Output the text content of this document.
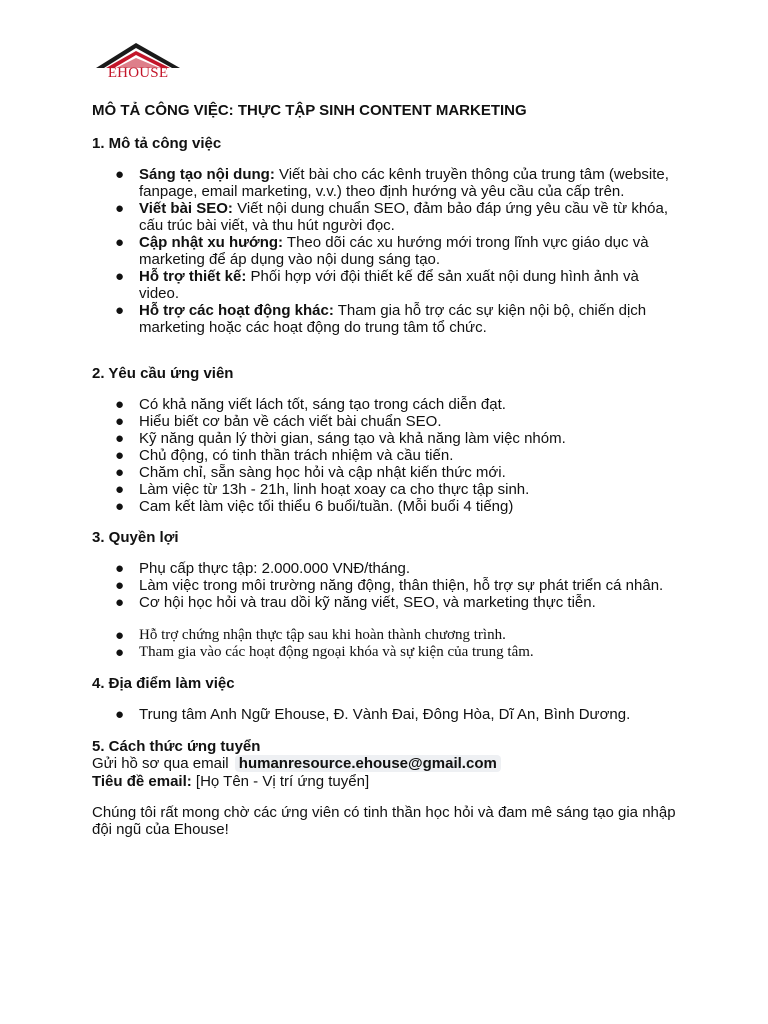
EHOUSE
MÔ TẢ CÔNG VIỆC: THỰC TẬP SINH CONTENT MARKETING
1. Mô tả công việc
● Sáng tạo nội dung: Viết bài cho các kênh truyền thông của trung tâm (website, fanpage, email marketing, v.v.) theo định hướng và yêu cầu của cấp trên.
● Viết bài SEO: Viết nội dung chuẩn SEO, đảm bảo đáp ứng yêu cầu về từ khóa, cấu trúc bài viết, và thu hút người đọc.
● Cập nhật xu hướng: Theo dõi các xu hướng mới trong lĩnh vực giáo dục và marketing để áp dụng vào nội dung sáng tạo.
● Hỗ trợ thiết kế: Phối hợp với đội thiết kế để sản xuất nội dung hình ảnh và video.
● Hỗ trợ các hoạt động khác: Tham gia hỗ trợ các sự kiện nội bộ, chiến dịch marketing hoặc các hoạt động do trung tâm tổ chức.
2. Yêu cầu ứng viên
● Có khả năng viết lách tốt, sáng tạo trong cách diễn đạt.
● Hiểu biết cơ bản về cách viết bài chuẩn SEO.
● Kỹ năng quản lý thời gian, sáng tạo và khả năng làm việc nhóm.
● Chủ động, có tinh thần trách nhiệm và cầu tiến.
● Chăm chỉ, sẵn sàng học hỏi và cập nhật kiến thức mới.
● Làm việc từ 13h - 21h, linh hoạt xoay ca cho thực tập sinh.
● Cam kết làm việc tối thiểu 6 buổi/tuần. (Mỗi buổi 4 tiếng)
3. Quyền lợi
● Phụ cấp thực tập: 2.000.000 VNĐ/tháng.
● Làm việc trong môi trường năng động, thân thiện, hỗ trợ sự phát triển cá nhân.
● Cơ hội học hỏi và trau dồi kỹ năng viết, SEO, và marketing thực tiễn.
● Hỗ trợ chứng nhận thực tập sau khi hoàn thành chương trình.
● Tham gia vào các hoạt động ngoại khóa và sự kiện của trung tâm.
4. Địa điểm làm việc
● Trung tâm Anh Ngữ Ehouse, Đ. Vành Đai, Đông Hòa, Dĩ An, Bình Dương.
5. Cách thức ứng tuyển
Gửi hồ sơ qua email humanresource.ehouse@gmail.com
Tiêu đề email: [Họ Tên - Vị trí ứng tuyển]
Chúng tôi rất mong chờ các ứng viên có tinh thần học hỏi và đam mê sáng tạo gia nhập đội ngũ của Ehouse!
